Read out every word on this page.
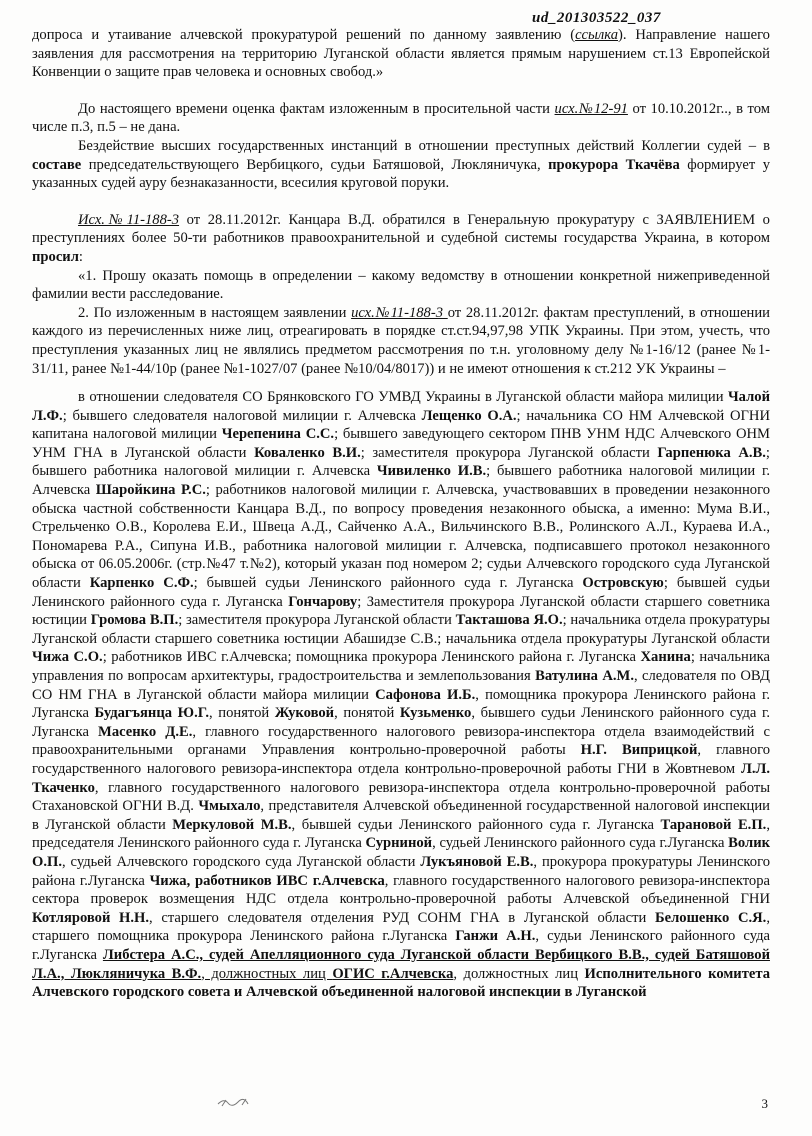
ud_201303522_037

допроса и утаивание алчевской прокуратурой решений по данному заявлению (ссылка). Направление нашего заявления для рассмотрения на территорию Луганской области является прямым нарушением ст.13 Европейской Конвенции о защите прав человека и основных свобод.»

До настоящего времени оценка фактам изложенным в просительной части исх.№12-91 от 10.10.2012г.., в том числе п.3, п.5 – не дана.

Бездействие высших государственных инстанций в отношении преступных действий Коллегии судей – в составе председательствующего Вербицкого, судьи Батяшовой, Люкляничука, прокурора Ткачёва формирует у указанных судей ауру безнаказанности, всесилия круговой поруки.

Исх.№11-188-3 от 28.11.2012г. Канцара В.Д. обратился в Генеральную прокуратуру с ЗАЯВЛЕНИЕМ о преступлениях более 50-ти работников правоохранительной и судебной системы государства Украина, в котором просил:

«1. Прошу оказать помощь в определении – какому ведомству в отношении конкретной нижеприведенной фамилии вести расследование.

2. По изложенным в настоящем заявлении исх.№11-188-3 от 28.11.2012г. фактам преступлений, в отношении каждого из перечисленных ниже лиц, отреагировать в порядке ст.ст.94,97,98 УПК Украины. При этом, учесть, что преступления указанных лиц не являлись предметом рассмотрения по т.н. уголовному делу №1-16/12 (ранее №1-31/11, ранее №1-44/10р (ранее №1-1027/07 (ранее №10/04/8017)) и не имеют отношения к ст.212 УК Украины –

в отношении следователя СО Брянковского ГО УМВД Украины в Луганской области майора милиции Чалой Л.Ф.; бывшего следователя налоговой милиции г. Алчевска Лещенко О.А.; начальника СО НМ Алчевской ОГНИ капитана налоговой милиции Черепенина С.С.; бывшего заведующего сектором ПНВ УНМ НДС Алчевского ОНМ УНМ ГНА в Луганской области Коваленко В.И.; заместителя прокурора Луганской области Гарпенюка А.В.; бывшего работника налоговой милиции г. Алчевска Чивиленко И.В.; бывшего работника налоговой милиции г. Алчевска Шаройкина Р.С.; работников налоговой милиции г. Алчевска, участвовавших в проведении незаконного обыска частной собственности Канцара В.Д., по вопросу проведения незаконного обыска, а именно: Мума В.И., Стрельченко О.В., Королева Е.И., Швеца А.Д., Сайченко А.А., Вильчинского В.В., Ролинского А.Л., Кураева И.А., Пономарева Р.А., Сипуна И.В., работника налоговой милиции г. Алчевска, подписавшего протокол незаконного обыска от 06.05.2006г. (стр.№47 т.№2), который указан под номером 2; судьи Алчевского городского суда Луганской области Карпенко С.Ф.; бывшей судьи Ленинского районного суда г. Луганска Островскую; бывшей судьи Ленинского районного суда г. Луганска Гончарову; Заместителя прокурора Луганской области старшего советника юстиции Громова В.П.; заместителя прокурора Луганской области Такташова Я.О.; начальника отдела прокуратуры Луганской области старшего советника юстиции Абашидзе С.В.; начальника отдела прокуратуры Луганской области Чижа С.О.; работников ИВС г.Алчевска; помощника прокурора Ленинского района г. Луганска Ханина; начальника управления по вопросам архитектуры, градостроительства и землепользования Ватулина А.М., следователя по ОВД СО НМ ГНА в Луганской области майора милиции Сафонова И.Б., помощника прокурора Ленинского района г. Луганска Будагъянца Ю.Г., понятой Жуковой, понятой Кузьменко, бывшего судьи Ленинского районного суда г. Луганска Масенко Д.Е., главного государственного налогового ревизора-инспектора отдела взаимодействий с правоохранительными органами Управления контрольно-проверочной работы Н.Г. Виприцкой, главного государственного налогового ревизора-инспектора отдела контрольно-проверочной работы ГНИ в Жовтневом Л.Л. Ткаченко, главного государственного налогового ревизора-инспектора отдела контрольно-проверочной работы Стахановской ОГНИ В.Д. Чмыхало, представителя Алчевской объединенной государственной налоговой инспекции в Луганской области Меркуловой М.В., бывшей судьи Ленинского районного суда г. Луганска Тарановой Е.П., председателя Ленинского районного суда г. Луганска Сурниной, судьей Ленинского районного суда г.Луганска Волик О.П., судьей Алчевского городского суда Луганской области Лукъяновой Е.В., прокурора прокуратуры Ленинского района г.Луганска Чижа, работников ИВС г.Алчевска, главного государственного налогового ревизора-инспектора сектора проверок возмещения НДС отдела контрольно-проверочной работы Алчевской объединенной ГНИ Котляровой Н.Н., старшего следователя отделения РУД СОНМ ГНА в Луганской области Белошенко С.Я., старшего помощника прокурора Ленинского района г.Луганска Ганжи А.Н., судьи Ленинского районного суда г.Луганска Либстера А.С., судей Апелляционного суда Луганской области Вербицкого В.В., судей Батяшовой Л.А., Люкляничука В.Ф., должностных лиц ОГИС г.Алчевска, должностных лиц Исполнительного комитета Алчевского городского совета и Алчевской объединенной налоговой инспекции в Луганской

3
